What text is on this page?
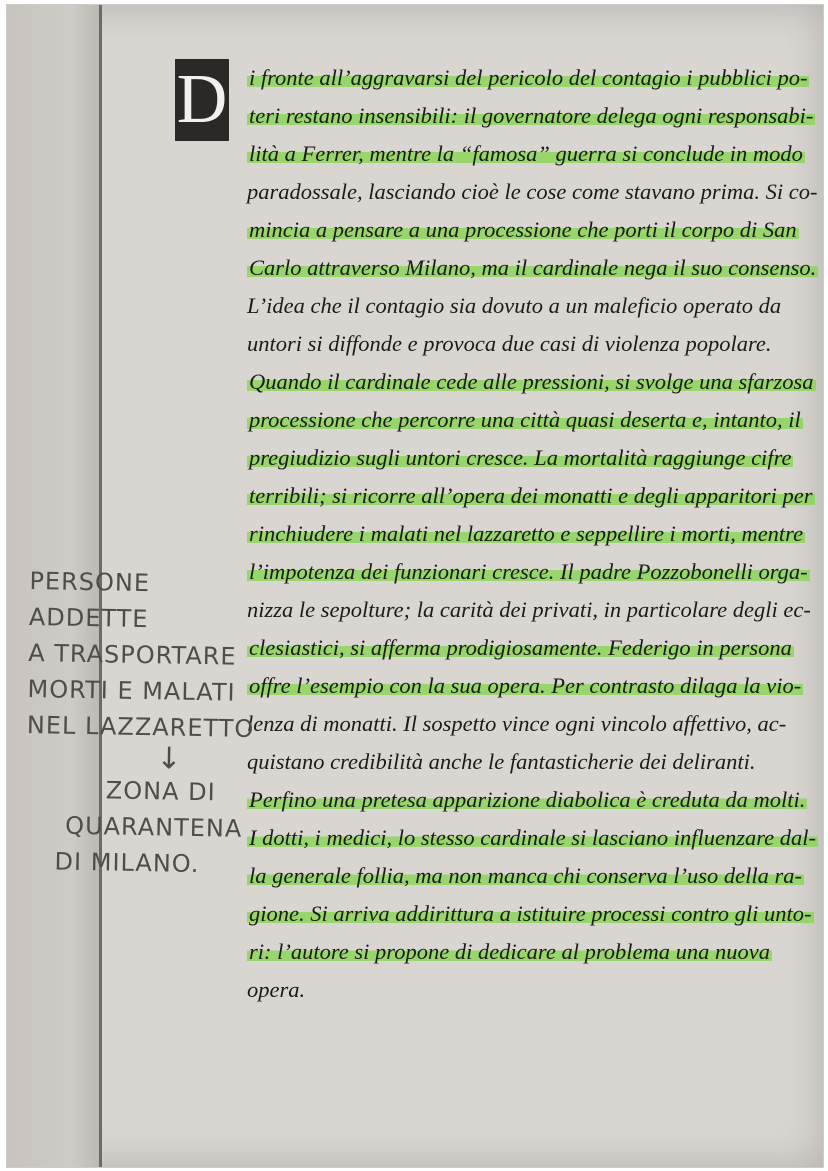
D i fronte all’aggravarsi del pericolo del contagio i pubblici po-
teri restano insensibili: il governatore delega ogni responsabi-
lità a Ferrer, mentre la “famosa” guerra si conclude in modo
paradossale, lasciando cioè le cose come stavano prima. Si co-
mincia a pensare a una processione che porti il corpo di San
Carlo attraverso Milano, ma il cardinale nega il suo consenso.
L’idea che il contagio sia dovuto a un maleficio operato da
untori si diffonde e provoca due casi di violenza popolare.
Quando il cardinale cede alle pressioni, si svolge una sfarzosa
processione che percorre una città quasi deserta e, intanto, il
pregiudizio sugli untori cresce. La mortalità raggiunge cifre
terribili; si ricorre all’opera dei monatti e degli apparitori per
rinchiudere i malati nel lazzaretto e seppellire i morti, mentre
l’impotenza dei funzionari cresce. Il padre Pozzobonelli orga-
nizza le sepolture; la carità dei privati, in particolare degli ec-
clesiastici, si afferma prodigiosamente. Federigo in persona
offre l’esempio con la sua opera. Per contrasto dilaga la vio-
lenza di monatti. Il sospetto vince ogni vincolo affettivo, ac-
quistano credibilità anche le fantasticherie dei deliranti.
Perfino una pretesa apparizione diabolica è creduta da molti.
I dotti, i medici, lo stesso cardinale si lasciano influenzare dal-
la generale follia, ma non manca chi conserva l’uso della ra-
gione. Si arriva addirittura a istituire processi contro gli unto-
ri: l’autore si propone di dedicare al problema una nuova
opera.
PERSONE
ADDETTE
A TRASPORTARE
MORTI E MALATI
NEL LAZZARETTO
↓
ZONA DI
QUARANTENA
DI MILANO.
